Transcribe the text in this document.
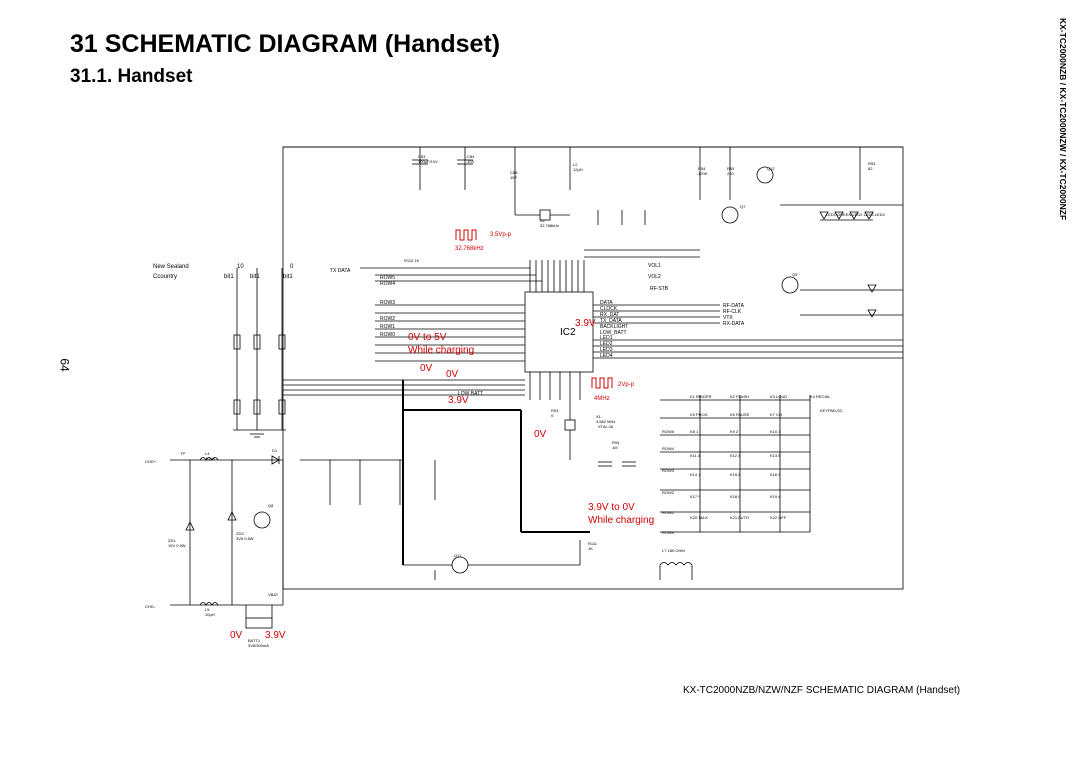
31 SCHEMATIC DIAGRAM (Handset)
31.1. Handset	KX-TC2000NZB / KX-TC2000NZW / KX-TC2000NZF
64
KX-TC2000NZB/NZW/NZF SCHEMATIC DIAGRAM (Handset)
0V to 5V
While charging
0V
0V
3.9V
3.9V
0V
3.9V to 0V
While charging
0V 3.9V
32.768kHz
3.5Vp-p
2Vp-p
4MHz
IC2
New Sealand	10	0
Ccountry	bit1	bit1	bit1
ROW3
ROW2
ROW1
ROW0
DATA
CLOCK
RX_DAT
TX_DATA
BACKLIGHT
LOW_BATT
LED1
LED2
LED3
LED4
TX DATA
ROW5
ROW4
RF-DATA
RF-CLK
VTX
RX-DATA
VOL1
VOL2
RF-STB
LOW BATT
C83 100µF/10V
C84 103
C85 15P
L2 12µH	R54 120K
R55 220
Q12
R53 82
Q7
X2 32.768kHz
X1 3.582 MHz
R112 1K
R93 0
R94 1M
Q9
Q8
D1
L4 10µH
L5 10µH
ZD1 15V 0.5W
ZD3 3V6 0.5W
Q11
R111 1K	L7 180 OHM
BATT1 3V6/300mA
VBAT
LED1 GREEN LED2 LED3 LED4
KEYPAD-SC
CHG+
CHG-
TP
XTAL:15
ROW5
ROW4
ROW3
ROW2
ROW1
ROW0
K1 RINGER	K2 FLASH	K3 LOUD	K4 RECIAL
K5 PROG	K6 PAUSE	K7 CH
K8 1	K9 2	K10 3
K11 4	K12 5	K13 6
K14 7	K15 8	K16 9
K17 *	K18 0	K19 #
K20 TALK	K21 AUTO	K22 OFF
